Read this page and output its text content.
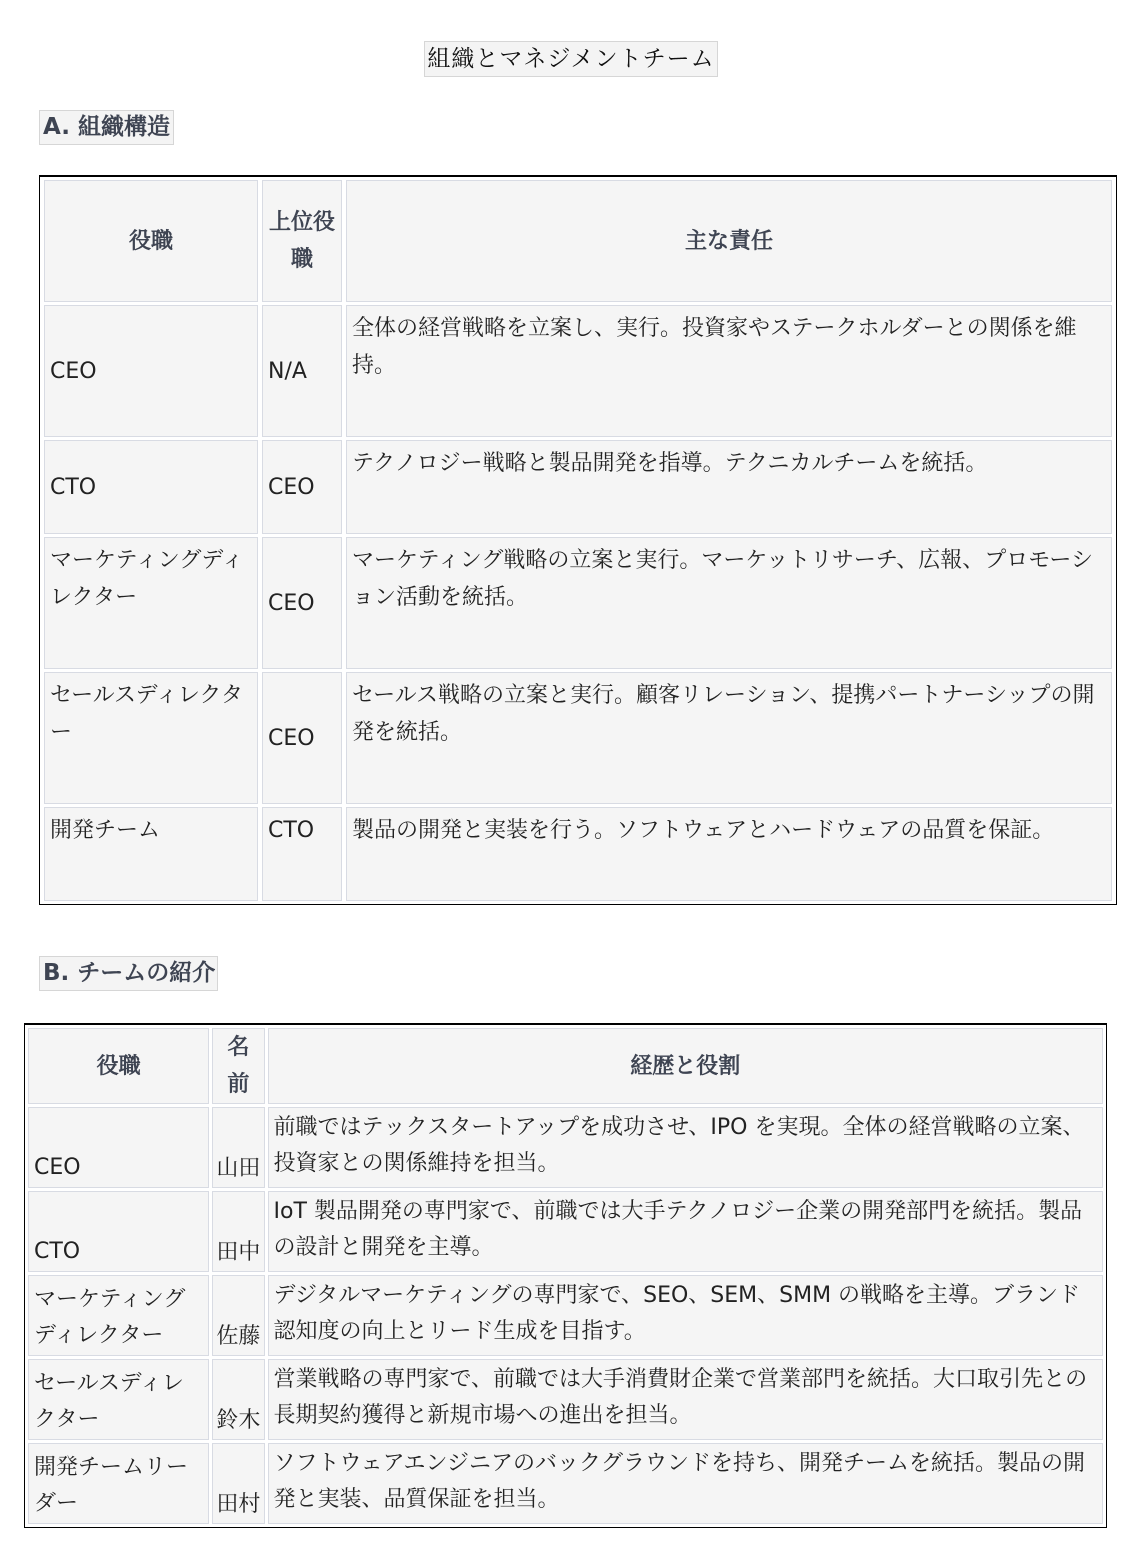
組織とマネジメントチーム
A. 組織構造
役職	上位役職	主な責任
CEO	N/A	全体の経営戦略を立案し、実行。投資家やステークホルダーとの関係を維持。
CTO	CEO	テクノロジー戦略と製品開発を指導。テクニカルチームを統括。
マーケティングディレクター	CEO	マーケティング戦略の立案と実行。マーケットリサーチ、広報、プロモーション活動を統括。
セールスディレクター	CEO	セールス戦略の立案と実行。顧客リレーション、提携パートナーシップの開発を統括。
開発チーム	CTO	製品の開発と実装を行う。ソフトウェアとハードウェアの品質を保証。
B. チームの紹介
役職	名前	経歴と役割
CEO	山田	前職ではテックスタートアップを成功させ、IPO を実現。全体の経営戦略の立案、投資家との関係維持を担当。
CTO	田中	IoT 製品開発の専門家で、前職では大手テクノロジー企業の開発部門を統括。製品の設計と開発を主導。
マーケティングディレクター	佐藤	デジタルマーケティングの専門家で、SEO、SEM、SMM の戦略を主導。ブランド認知度の向上とリード生成を目指す。
セールスディレクター	鈴木	営業戦略の専門家で、前職では大手消費財企業で営業部門を統括。大口取引先との長期契約獲得と新規市場への進出を担当。
開発チームリーダー	田村	ソフトウェアエンジニアのバックグラウンドを持ち、開発チームを統括。製品の開発と実装、品質保証を担当。
